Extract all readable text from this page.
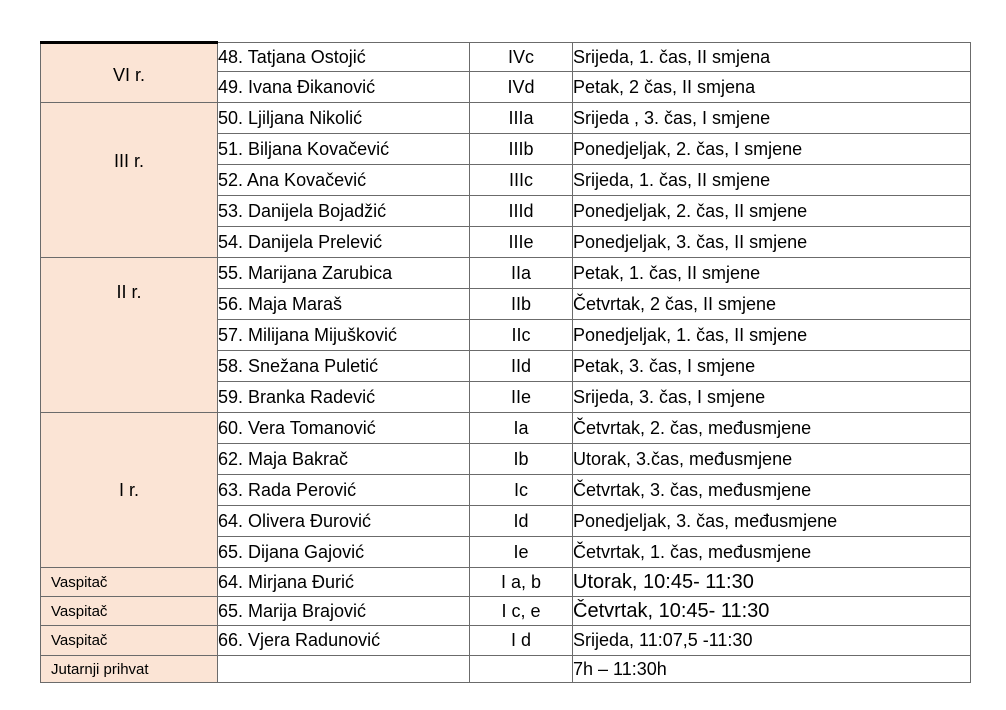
VI r.	48. Tatjana Ostojić	IVc	Srijeda, 1. čas, II smjena
	49. Ivana Đikanović	IVd	Petak, 2 čas, II smjena
III r.	50. Ljiljana Nikolić	IIIa	Srijeda , 3. čas, I smjene
	51. Biljana Kovačević	IIIb	Ponedjeljak, 2. čas, I smjene
	52. Ana Kovačević	IIIc	Srijeda, 1. čas, II smjene
	53. Danijela Bojadžić	IIId	Ponedjeljak, 2. čas, II smjene
	54. Danijela Prelević	IIIe	Ponedjeljak, 3. čas, II smjene
II r.	55. Marijana Zarubica	IIa	Petak, 1. čas, II smjene
	56. Maja Maraš	IIb	Četvrtak, 2 čas, II smjene
	57. Milijana Mijušković	IIc	Ponedjeljak, 1. čas, II smjene
	58. Snežana Puletić	IId	Petak, 3. čas, I smjene
	59. Branka Radević	IIe	Srijeda, 3. čas, I smjene
I r.	60. Vera Tomanović	Ia	Četvrtak, 2. čas, međusmjene
	62. Maja Bakrač	Ib	Utorak, 3.čas, međusmjene
	63. Rada Perović	Ic	Četvrtak, 3. čas, međusmjene
	64. Olivera Đurović	Id	Ponedjeljak, 3. čas, međusmjene
	65. Dijana Gajović	Ie	Četvrtak, 1. čas, međusmjene
Vaspitač	64. Mirjana Đurić	I a, b	Utorak, 10:45- 11:30
Vaspitač	65. Marija Brajović	I c, e	Četvrtak, 10:45- 11:30
Vaspitač	66. Vjera Radunović	I d	Srijeda, 11:07,5 -11:30
Jutarnji prihvat			7h – 11:30h
